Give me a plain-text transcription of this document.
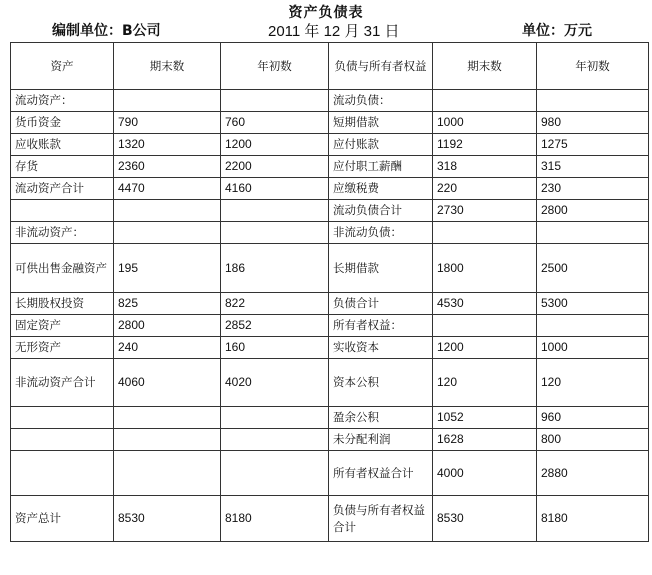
资产负债表
编制单位：B公司	2011 年 12 月 31 日	单位：万元
资产	期末数	年初数	负债与所有者权益	期末数	年初数
流动资产：			流动负债：		
货币资金	790	760	短期借款	1000	980
应收账款	1320	1200	应付账款	1192	1275
存货	2360	2200	应付职工薪酬	318	315
流动资产合计	4470	4160	应缴税费	220	230
			流动负债合计	2730	2800
非流动资产：			非流动负债：		
可供出售金融资产	195	186	长期借款	1800	2500
长期股权投资	825	822	负债合计	4530	5300
固定资产	2800	2852	所有者权益：		
无形资产	240	160	实收资本	1200	1000
非流动资产合计	4060	4020	资本公积	120	120
			盈余公积	1052	960
			未分配利润	1628	800
			所有者权益合计	4000	2880
资产总计	8530	8180	负债与所有者权益合计	8530	8180
